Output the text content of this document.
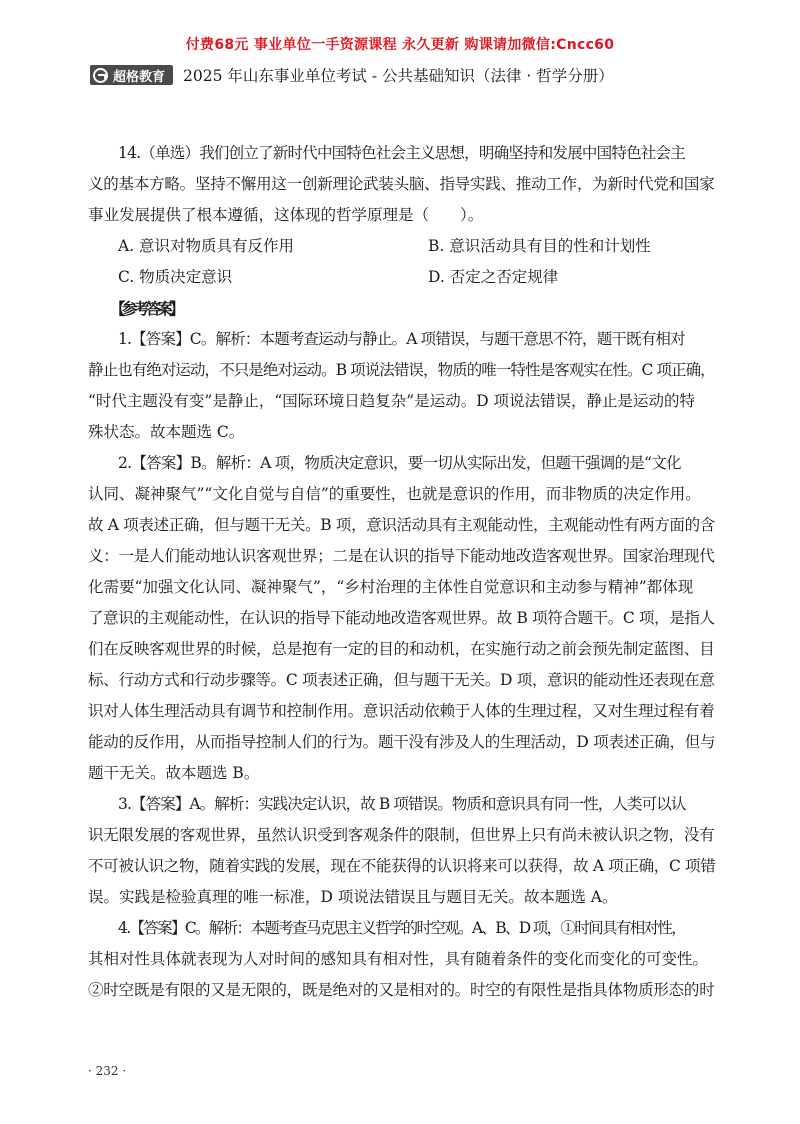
付费68元 事业单位一手资源课程 永久更新 购课请加微信:Cncc60
超格教育 2025 年山东事业单位考试 - 公共基础知识（法律 · 哲学分册）
14.（单选）我们创立了新时代中国特色社会主义思想，明确坚持和发展中国特色社会主
义的基本方略。坚持不懈用这一创新理论武装头脑、指导实践、推动工作，为新时代党和国家
事业发展提供了根本遵循，这体现的哲学原理是（　　）。
A. 意识对物质具有反作用	B. 意识活动具有目的性和计划性
C. 物质决定意识	D. 否定之否定规律
【参考答案】
1.【答案】C。解析：本题考查运动与静止。A 项错误，与题干意思不符，题干既有相对
静止也有绝对运动，不只是绝对运动。B 项说法错误，物质的唯一特性是客观实在性。C 项正确，
“时代主题没有变”是静止，“国际环境日趋复杂”是运动。D 项说法错误，静止是运动的特
殊状态。故本题选 C。
2.【答案】B。解析：A 项，物质决定意识，要一切从实际出发，但题干强调的是“文化
认同、凝神聚气”“文化自觉与自信”的重要性，也就是意识的作用，而非物质的决定作用。
故 A 项表述正确，但与题干无关。B 项，意识活动具有主观能动性，主观能动性有两方面的含
义：一是人们能动地认识客观世界；二是在认识的指导下能动地改造客观世界。国家治理现代
化需要“加强文化认同、凝神聚气”，“乡村治理的主体性自觉意识和主动参与精神”都体现
了意识的主观能动性，在认识的指导下能动地改造客观世界。故 B 项符合题干。C 项，是指人
们在反映客观世界的时候，总是抱有一定的目的和动机，在实施行动之前会预先制定蓝图、目
标、行动方式和行动步骤等。C 项表述正确，但与题干无关。D 项，意识的能动性还表现在意
识对人体生理活动具有调节和控制作用。意识活动依赖于人体的生理过程，又对生理过程有着
能动的反作用，从而指导控制人们的行为。题干没有涉及人的生理活动，D 项表述正确，但与
题干无关。故本题选 B。
3.【答案】A。解析：实践决定认识，故 B 项错误。物质和意识具有同一性，人类可以认
识无限发展的客观世界，虽然认识受到客观条件的限制，但世界上只有尚未被认识之物，没有
不可被认识之物，随着实践的发展，现在不能获得的认识将来可以获得，故 A 项正确，C 项错
误。实践是检验真理的唯一标准，D 项说法错误且与题目无关。故本题选 A。
4.【答案】C。解析：本题考查马克思主义哲学的时空观。A、B、D 项，①时间具有相对性，
其相对性具体就表现为人对时间的感知具有相对性，具有随着条件的变化而变化的可变性。
②时空既是有限的又是无限的，既是绝对的又是相对的。时空的有限性是指具体物质形态的时
· 232 ·
